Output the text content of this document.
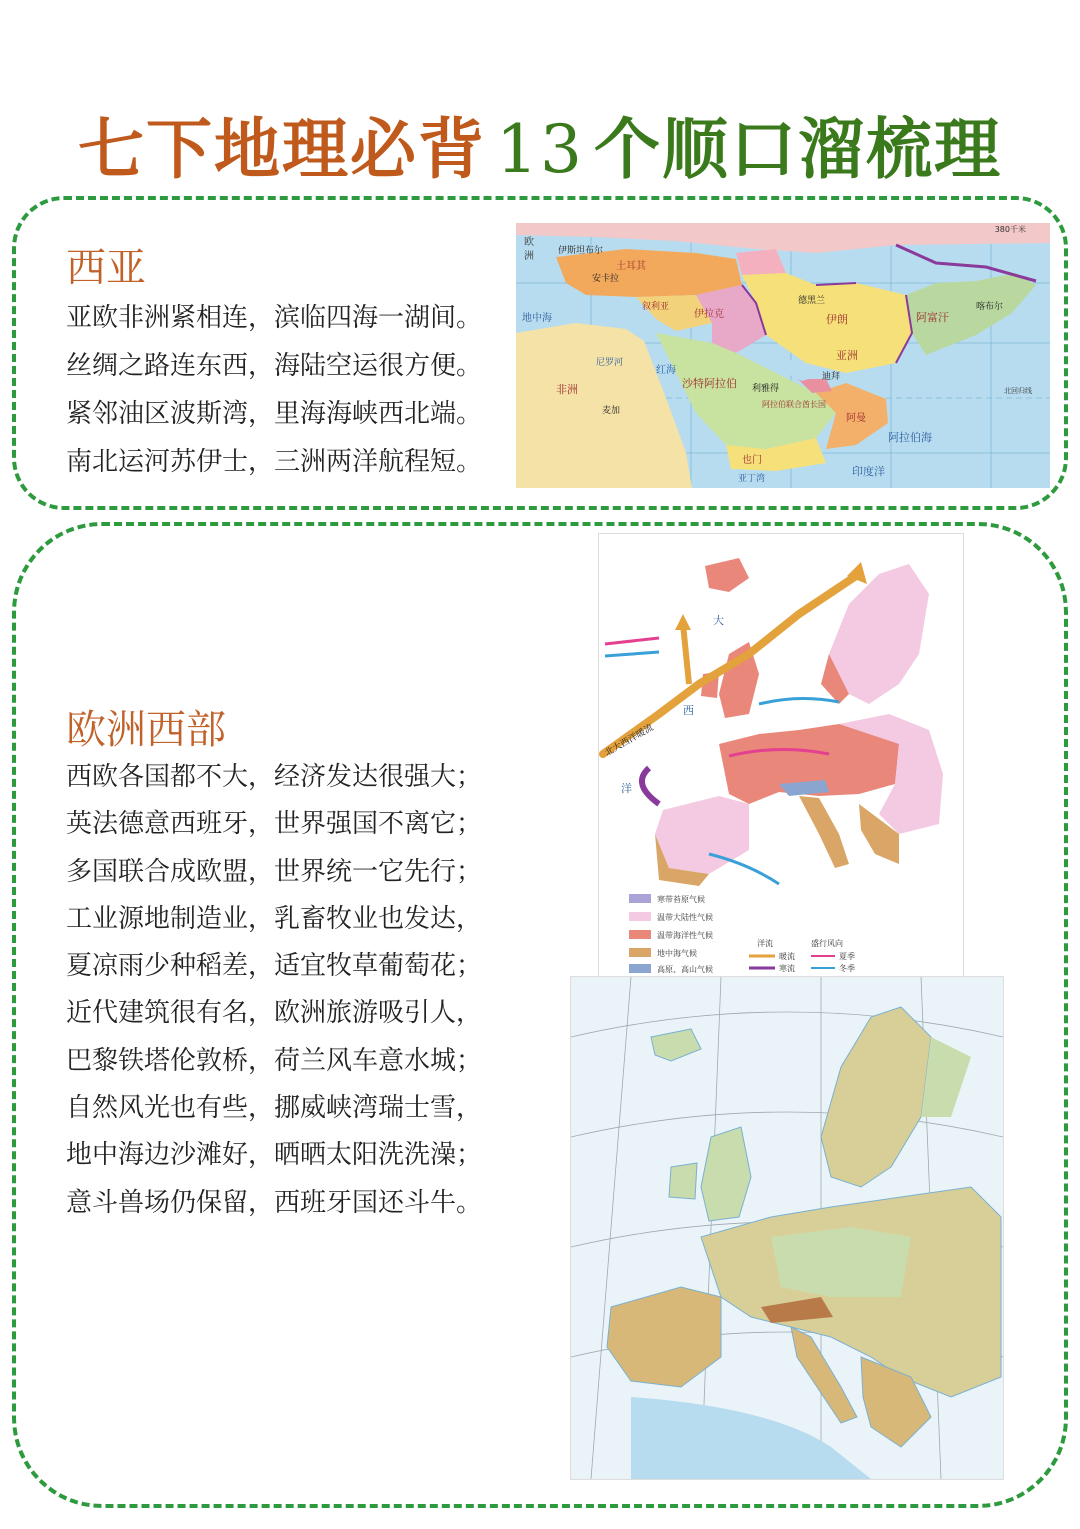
七下地理必背 13 个顺口溜梳理
西亚
亚欧非洲紧相连，滨临四海一湖间。
丝绸之路连东西，海陆空运很方便。
紧邻油区波斯湾，里海海峡西北端。
南北运河苏伊士，三洲两洋航程短。
欧
洲
380千米
伊斯坦布尔
安卡拉
土耳其
叙利亚
伊拉克
德黑兰
伊朗	阿富汗
喀布尔
亚洲
沙特阿拉伯 利雅得
迪拜
阿拉伯联合酋长国
阿曼
也门
亚丁湾
阿拉伯海
印度洋
红海
非洲
地中海
尼罗河
麦加
北回归线
欧洲西部
西欧各国都不大，经济发达很强大；
英法德意西班牙，世界强国不离它；
多国联合成欧盟，世界统一它先行；
工业源地制造业，乳畜牧业也发达，
夏凉雨少种稻差，适宜牧草葡萄花；
近代建筑很有名，欧洲旅游吸引人，
巴黎铁塔伦敦桥，荷兰风车意水城；
自然风光也有些，挪威峡湾瑞士雪，
地中海边沙滩好，晒晒太阳洗洗澡；
意斗兽场仍保留，西班牙国还斗牛。
北大西洋暖流
大
西
洋
寒带苔原气候
温带大陆性气候
温带海洋性气候
地中海气候
高原、高山气候
洋流
暖流
寒流
盛行风向
夏季
冬季
